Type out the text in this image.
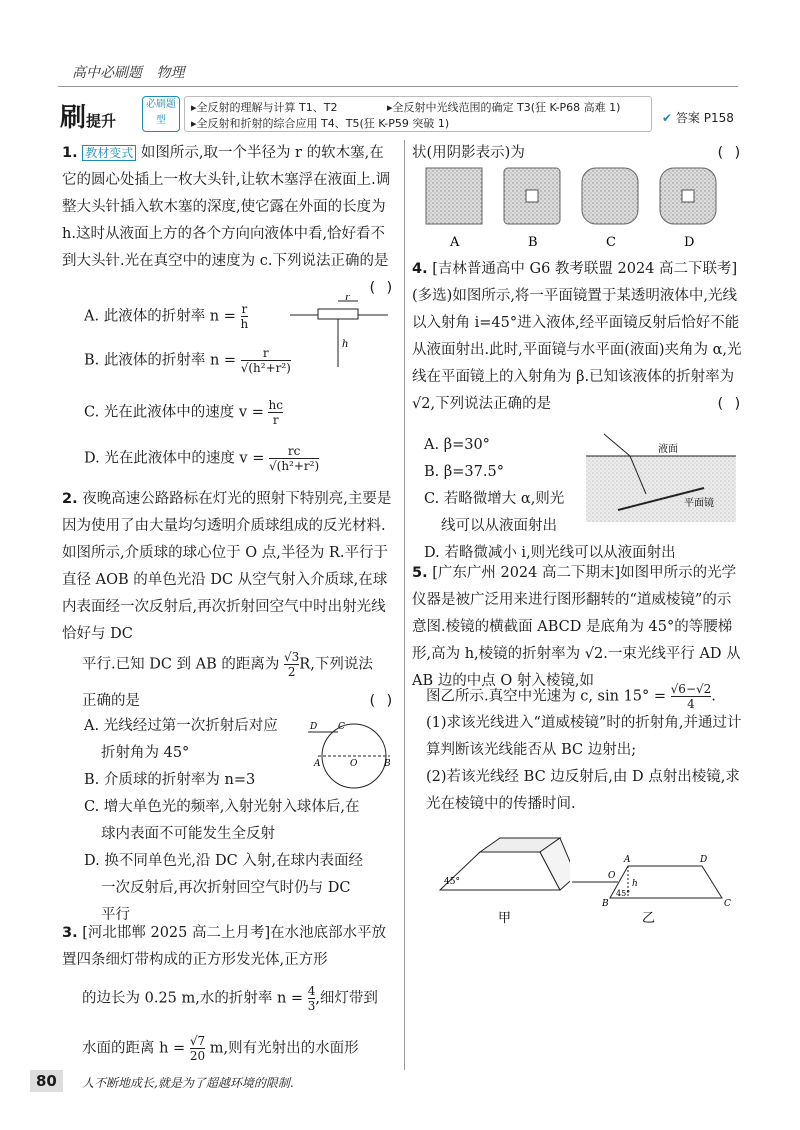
高中必刷题 物理
刷提升
必刷题型
▸全反射的理解与计算 T1、T2	▸全反射中光线范围的确定 T3(狂 K-P68 高难 1)
▸全反射和折射的综合应用 T4、T5(狂 K-P59 突破 1)	✔ 答案 P158
1. 教材变式 如图所示,取一个半径为 r 的软木塞,在它的圆心处插上一枚大头针,让软木塞浮在液面上.调整大头针插入软木塞的深度,使它露在外面的长度为 h.这时从液面上方的各个方向向液体中看,恰好看不到大头针.光在真空中的速度为 c.下列说法正确的是
( )
A. 此液体的折射率 $n = \frac{r}{h}$
B. 此液体的折射率 $n = \frac{r}{\text{√(h²+r²)}}$
C. 光在此液体中的速度 $v = \frac{hc}{r}$
D. 光在此液体中的速度 $v = \frac{rc}{\text{√(h²+r²)}}$
r
h
2. 夜晚高速公路路标在灯光的照射下特别亮,主要是因为使用了由大量均匀透明介质球组成的反光材料.如图所示,介质球的球心位于 O 点,半径为 R.平行于直径 AOB 的单色光沿 DC 从空气射入介质球,在球内表面经一次反射后,再次折射回空气中时出射光线恰好与 DC
平行.已知 DC 到 AB 的距离为 $\frac{√3}{2} R$,下列说法
正确的是	( )
A. 光线经过第一次折射后对应
折射角为 45°
B. 介质球的折射率为 n=3
C. 增大单色光的频率,入射光射入球体后,在
球内表面不可能发生全反射
D. 换不同单色光,沿 DC 入射,在球内表面经
一次反射后,再次折射回空气时仍与 DC
平行
A	O	B
C
D
3. [河北邯郸 2025 高二上月考]在水池底部水平放置四条细灯带构成的正方形发光体,正方形
的边长为 0.25 m,水的折射率 $n = \frac{4}{3}$ ,细灯带到
水面的距离 $h = \frac{√7}{20} m$,则有光射出的水面形
状(用阴影表示)为	( )
A	B	C	D
4. [吉林普通高中 G6 教考联盟 2024 高二下联考](多选)如图所示,将一平面镜置于某透明液体中,光线以入射角 i=45°进入液体,经平面镜反射后恰好不能从液面射出.此时,平面镜与水平面(液面)夹角为 α,光线在平面镜上的入射角为 β.已知该液体的折射率为 √2,下列说法正确的是	( )
A. β=30°
B. β=37.5°
C. 若略微增大 α,则光
线可以从液面射出
D. 若略微减小 i,则光线可以从液面射出
液面
平面镜
5. [广东广州 2024 高二下期末]如图甲所示的光学仪器是被广泛用来进行图形翻转的“道威棱镜”的示意图.棱镜的横截面 ABCD 是底角为 45°的等腰梯形,高为 h,棱镜的折射率为 √2.一束光线平行 AD 从 AB 边的中点 O 射入棱镜,如
图乙所示.真空中光速为 c, $\sin 15^\circ = \frac{√6-√2}{4}$ .
(1)求该光线进入“道威棱镜”时的折射角,并通过计算判断该光线能否从 BC 边射出;
(2)若该光线经 BC 边反射后,由 D 点射出棱镜,求光在棱镜中的传播时间.
45°
甲
A	D
O
B	C
h
45°
乙
80	人不断地成长,就是为了超越环境的限制.
